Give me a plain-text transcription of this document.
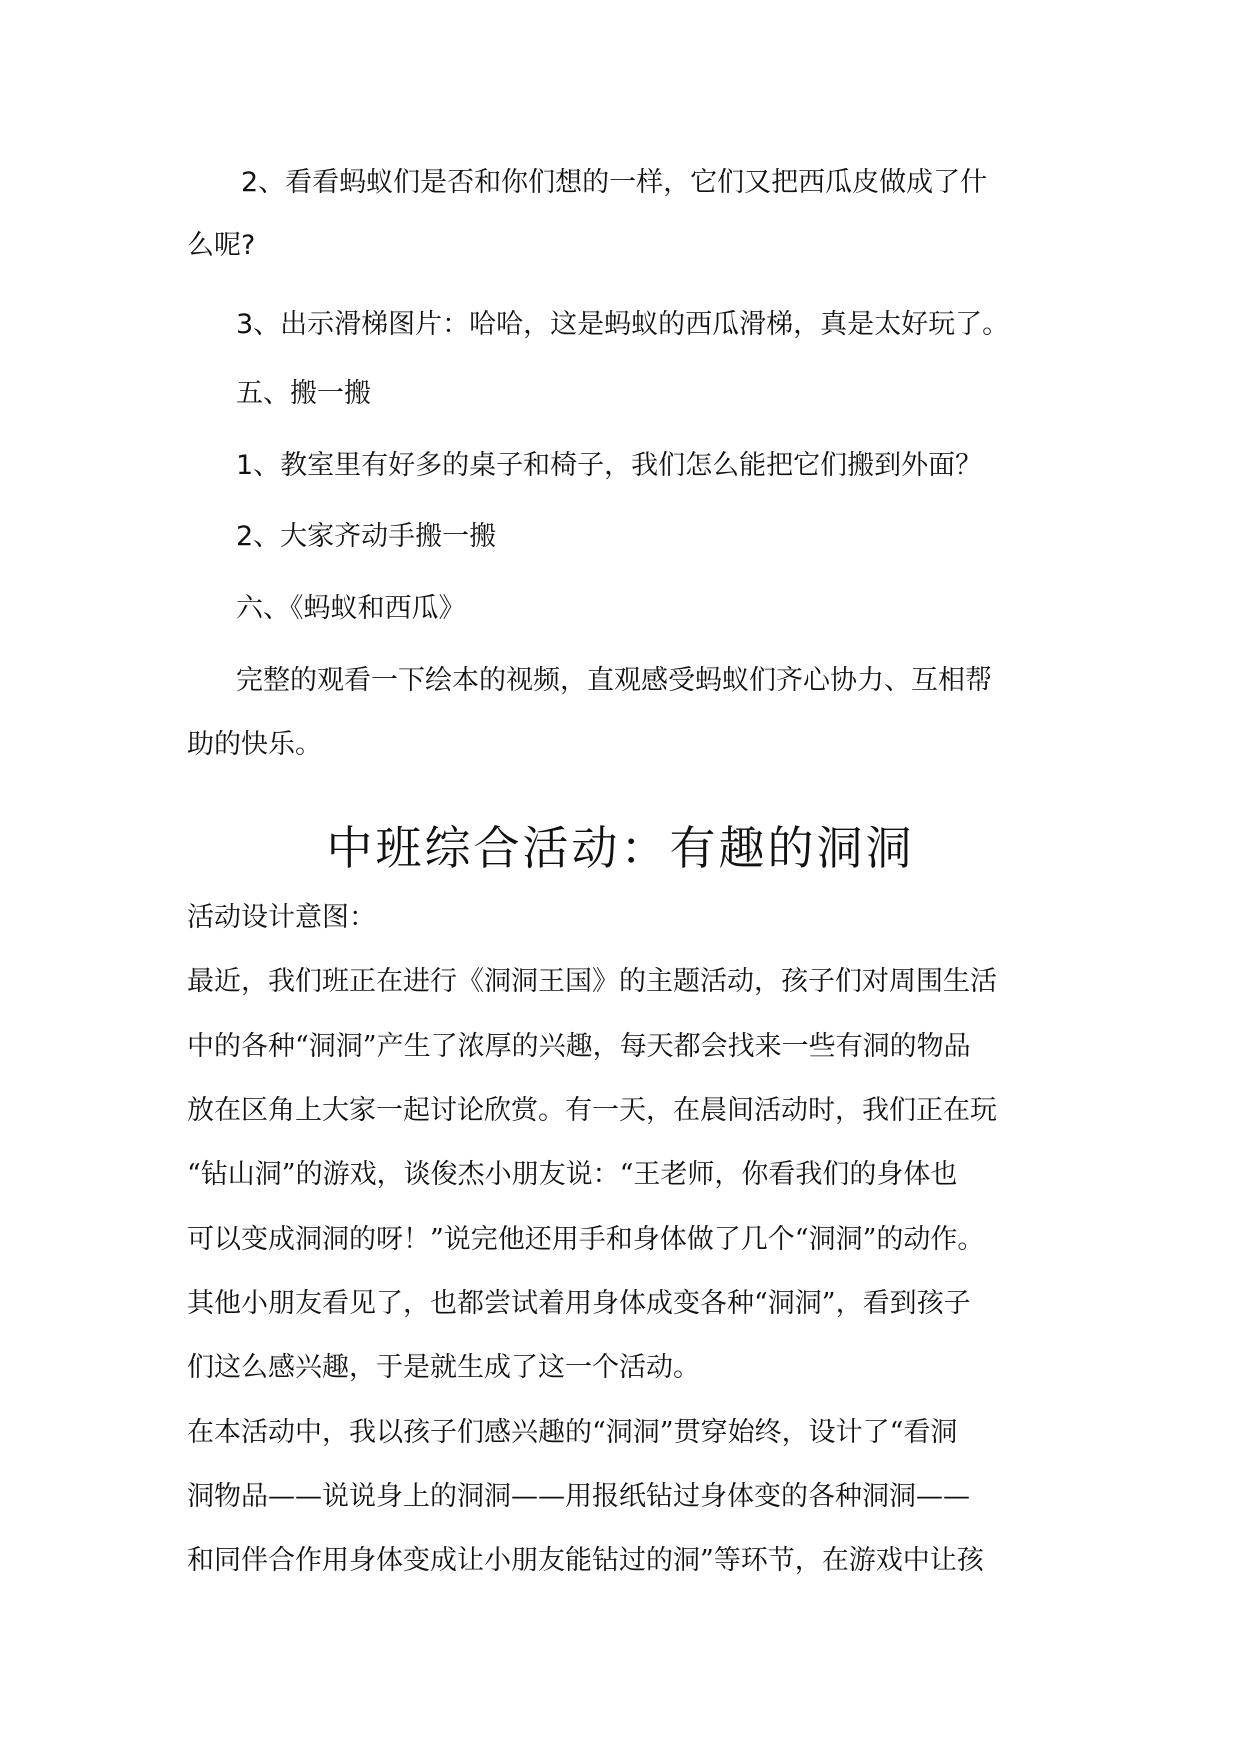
2、看看蚂蚁们是否和你们想的一样，它们又把西瓜皮做成了什
么呢?
3、出示滑梯图片：哈哈，这是蚂蚁的西瓜滑梯，真是太好玩了。
五、搬一搬
1、教室里有好多的桌子和椅子，我们怎么能把它们搬到外面？
2、大家齐动手搬一搬
六、《蚂蚁和西瓜》
完整的观看一下绘本的视频，直观感受蚂蚁们齐心协力、互相帮
助的快乐。
中班综合活动：有趣的洞洞
活动设计意图：
最近，我们班正在进行《洞洞王国》的主题活动，孩子们对周围生活
中的各种“洞洞”产生了浓厚的兴趣，每天都会找来一些有洞的物品
放在区角上大家一起讨论欣赏。有一天，在晨间活动时，我们正在玩
“钻山洞”的游戏，谈俊杰小朋友说：“王老师，你看我们的身体也
可以变成洞洞的呀！”说完他还用手和身体做了几个“洞洞”的动作。
其他小朋友看见了，也都尝试着用身体成变各种“洞洞”，看到孩子
们这么感兴趣，于是就生成了这一个活动。
在本活动中，我以孩子们感兴趣的“洞洞”贯穿始终，设计了“看洞
洞物品——说说身上的洞洞——用报纸钻过身体变的各种洞洞——
和同伴合作用身体变成让小朋友能钻过的洞”等环节，在游戏中让孩
